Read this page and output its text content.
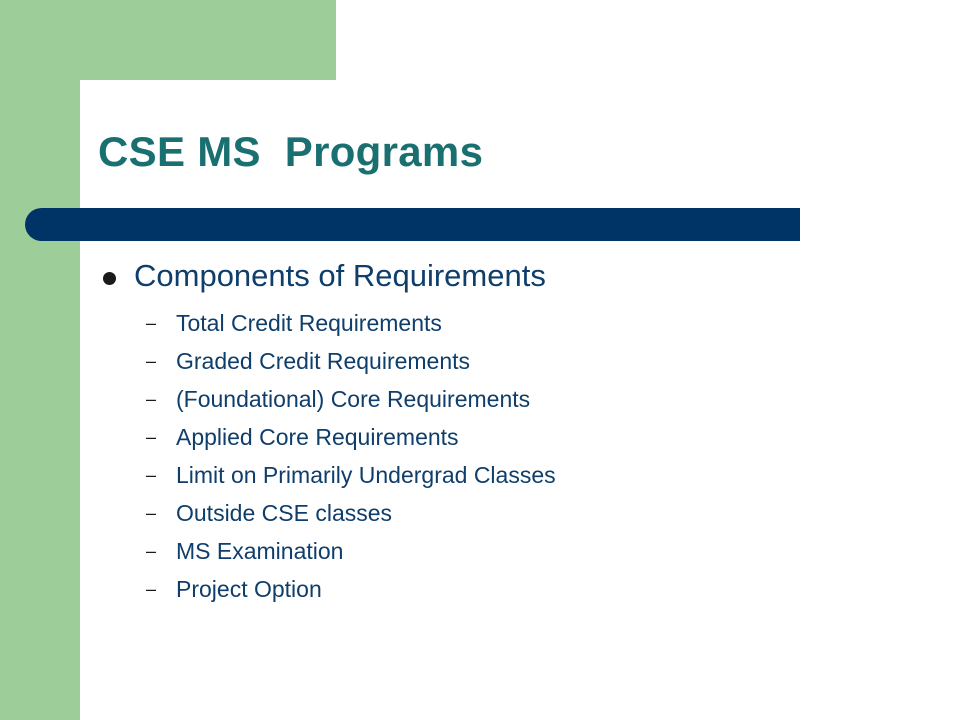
CSE MS  Programs
Components of Requirements
– Total Credit Requirements
– Graded Credit Requirements
– (Foundational) Core Requirements
– Applied Core Requirements
– Limit on Primarily Undergrad Classes
– Outside CSE classes
– MS Examination
– Project Option
